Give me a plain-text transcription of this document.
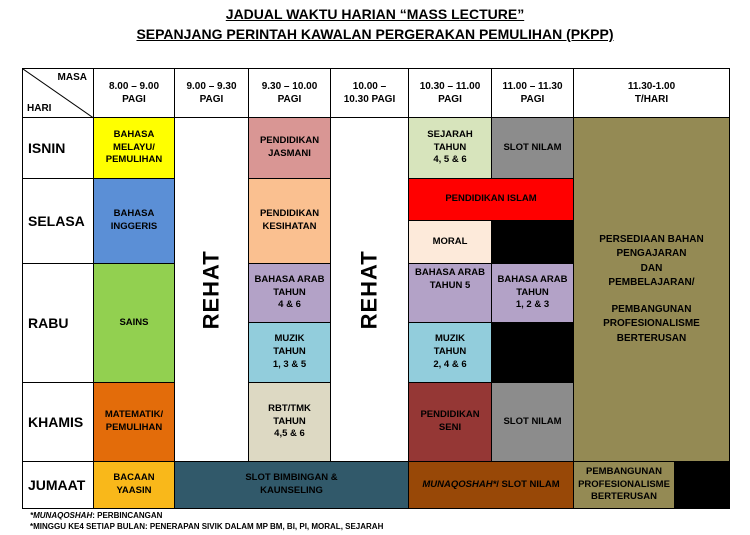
JADUAL WAKTU HARIAN “MASS LECTURE”
SEPANJANG PERINTAH KAWALAN PERGERAKAN PEMULIHAN (PKPP)
MASA
HARI
8.00 – 9.00
PAGI
9.00 – 9.30
PAGI
9.30 – 10.00
PAGI
10.00 –
10.30 PAGI
10.30 – 11.00
PAGI
11.00 – 11.30
PAGI
11.30-1.00
T/HARI
ISNIN
SELASA
RABU
KHAMIS
JUMAAT
BAHASA
MELAYU/
PEMULIHAN
BAHASA
INGGERIS
SAINS
MATEMATIK/
PEMULIHAN
BACAAN
YAASIN
REHAT
PENDIDIKAN
JASMANI
PENDIDIKAN
KESIHATAN
BAHASA ARAB
TAHUN
4 & 6
MUZIK
TAHUN
1, 3 & 5
RBT/TMK
TAHUN
4,5 & 6
REHAT
SLOT BIMBINGAN &
KAUNSELING
SEJARAH
TAHUN
4, 5 & 6
SLOT NILAM
PENDIDIKAN ISLAM
MORAL
BAHASA ARAB
TAHUN 5
BAHASA ARAB
TAHUN
1, 2 & 3
MUZIK
TAHUN
2, 4 & 6
PENDIDIKAN
SENI
SLOT NILAM
MUNAQOSHAH*/ SLOT NILAM
PERSEDIAAN BAHAN
PENGAJARAN
DAN
PEMBELAJARAN/
PEMBANGUNAN
PROFESIONALISME
BERTERUSAN
PEMBANGUNAN
PROFESIONALISME
BERTERUSAN
*MUNAQOSHAH: PERBINCANGAN
*MINGGU KE4 SETIAP BULAN: PENERAPAN SIVIK DALAM MP BM, BI, PI, MORAL, SEJARAH
